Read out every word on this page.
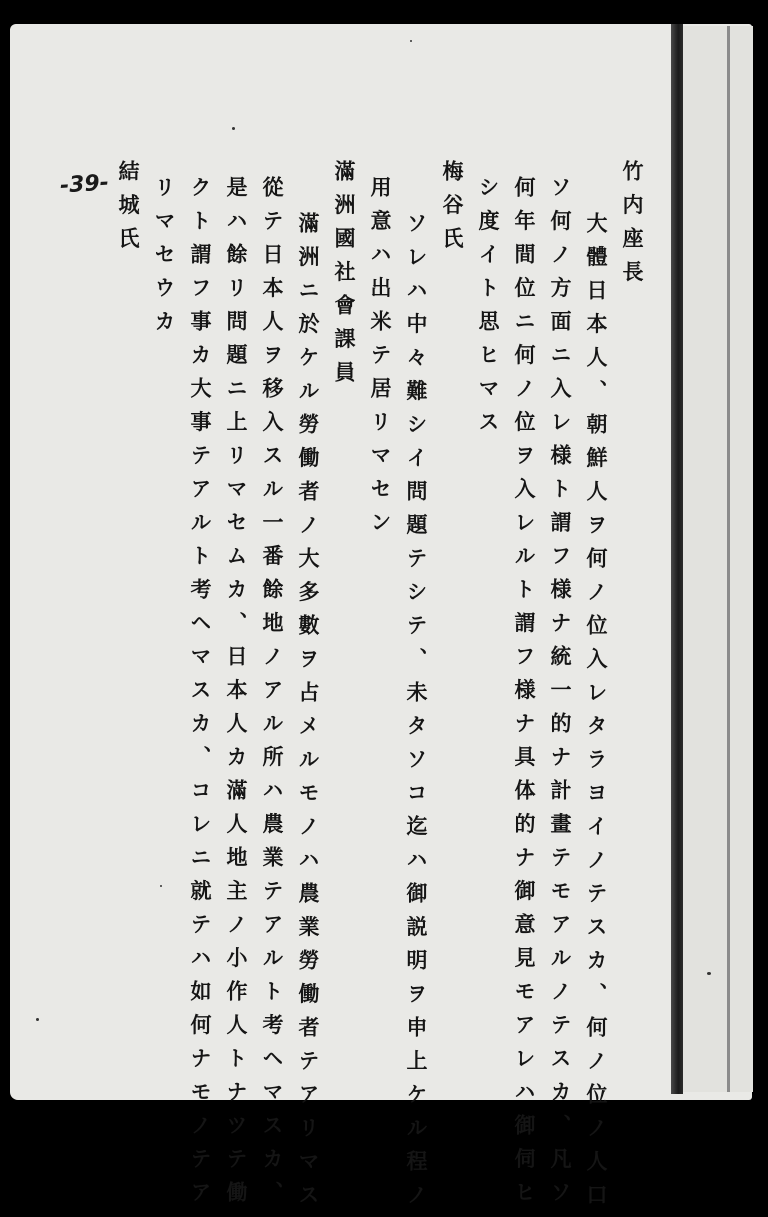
-39-	竹内座長
大體日本人、朝鮮人ヲ何ノ位入レタラヨイノテスカ、何ノ位ノ人口
ソ何ノ方面ニ入レ様ト謂フ様ナ統一的ナ計畫テモアルノテスカ、凡ソ
何年間位ニ何ノ位ヲ入レルト謂フ様ナ具体的ナ御意見モアレハ御伺ヒ
シ度イト思ヒマス
梅谷氏
ソレハ中々難シイ問題テシテ、未タソコ迄ハ御説明ヲ申上ケル程ノ
用意ハ出米テ居リマセン
滿洲國社會課員
滿洲ニ於ケル勞働者ノ大多數ヲ占メルモノハ農業勞働者テアリマス
從テ日本人ヲ移入スル一番餘地ノアル所ハ農業テアルト考ヘマスカ、
是ハ餘リ問題ニ上リマセムカ、日本人カ滿人地主ノ小作人トナツテ働
クト謂フ事カ大事テアルト考ヘマスカ、コレニ就テハ如何ナモノテア
リマセウカ
結城氏
